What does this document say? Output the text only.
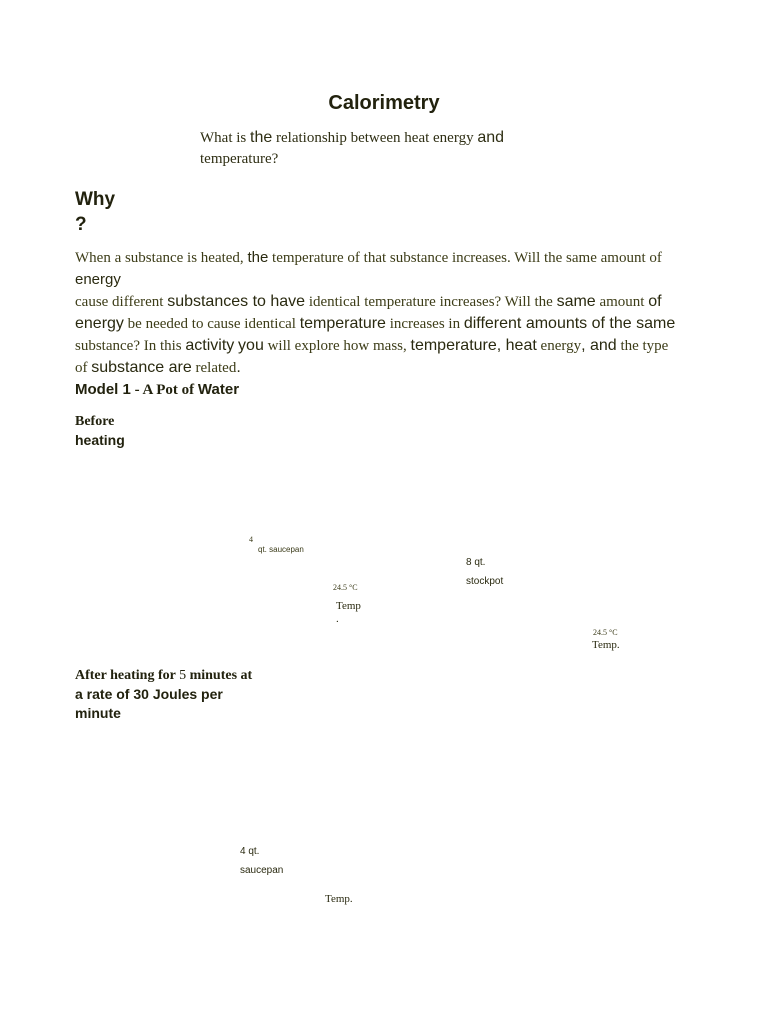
Calorimetry
What is the relationship between heat energy and
temperature?
Why
?
When a substance is heated, the temperature of that substance increases. Will the same amount of energy
cause different substances to have identical temperature increases? Will the same amount of
energy be needed to cause identical temperature increases in different amounts of the same
substance? In this activity you will explore how mass, temperature, heat energy, and the type
of substance are related.
Model 1 - A Pot of Water
Before
heating
4
qt. saucepan
8 qt.
stockpot
24.5 °C
Temp
.
24.5 °C
Temp.
After heating for 5 minutes at
a rate of 30 Joules per
minute
4 qt.
saucepan
Temp.
